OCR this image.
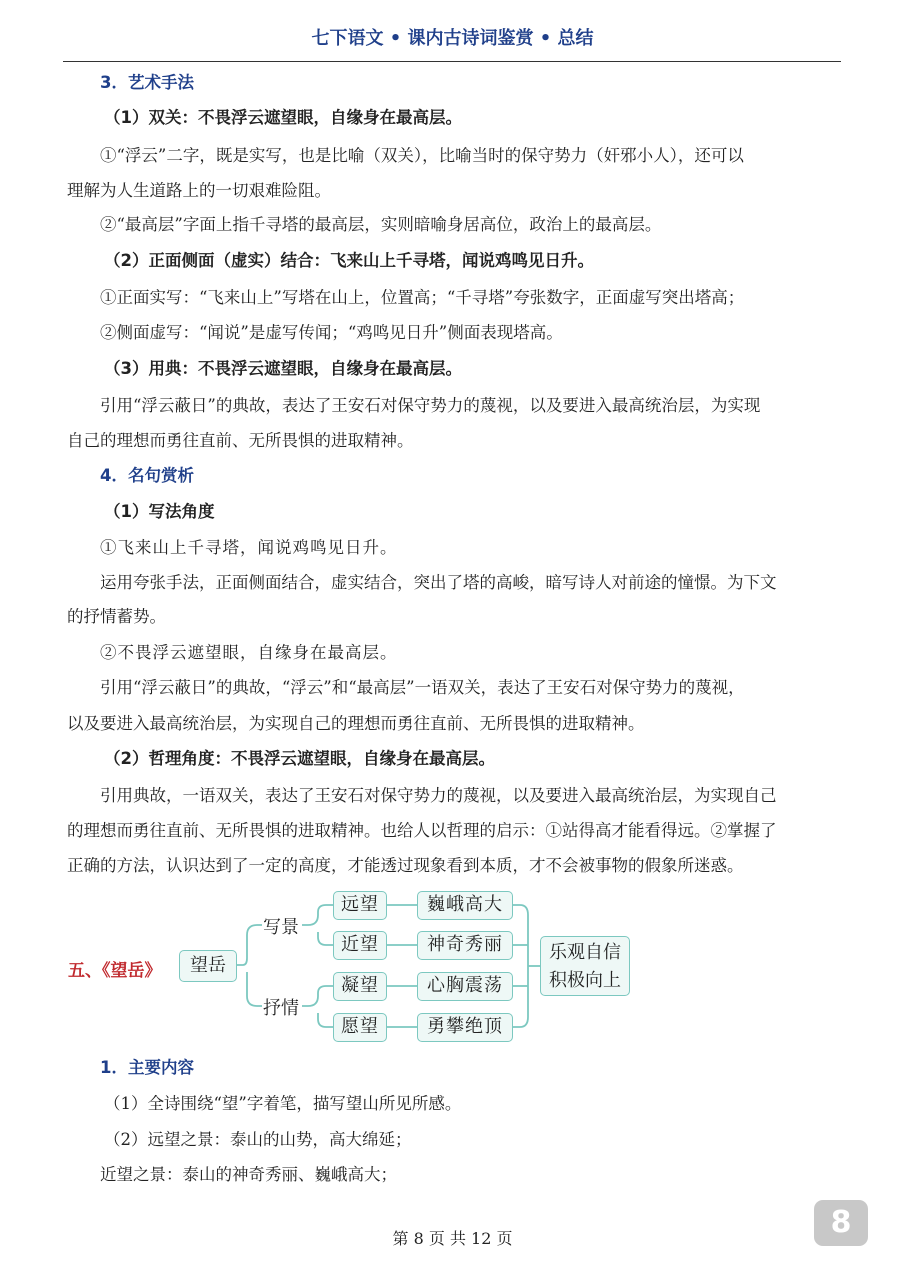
七下语文 • 课内古诗词鉴赏 • 总结
3．艺术手法
（1）双关：不畏浮云遮望眼，自缘身在最高层。
①“浮云”二字，既是实写，也是比喻（双关），比喻当时的保守势力（奸邪小人），还可以
理解为人生道路上的一切艰难险阻。
②“最高层”字面上指千寻塔的最高层，实则暗喻身居高位，政治上的最高层。
（2）正面侧面（虚实）结合：飞来山上千寻塔，闻说鸡鸣见日升。
①正面实写：“飞来山上”写塔在山上，位置高；“千寻塔”夸张数字，正面虚写突出塔高；
②侧面虚写：“闻说”是虚写传闻；“鸡鸣见日升”侧面表现塔高。
（3）用典：不畏浮云遮望眼，自缘身在最高层。
引用“浮云蔽日”的典故，表达了王安石对保守势力的蔑视，以及要进入最高统治层，为实现
自己的理想而勇往直前、无所畏惧的进取精神。
4．名句赏析
（1）写法角度
①飞来山上千寻塔，闻说鸡鸣见日升。
运用夸张手法，正面侧面结合，虚实结合，突出了塔的高峻，暗写诗人对前途的憧憬。为下文
的抒情蓄势。
②不畏浮云遮望眼，自缘身在最高层。
引用“浮云蔽日”的典故，“浮云”和“最高层”一语双关，表达了王安石对保守势力的蔑视，
以及要进入最高统治层，为实现自己的理想而勇往直前、无所畏惧的进取精神。
（2）哲理角度：不畏浮云遮望眼，自缘身在最高层。
引用典故，一语双关，表达了王安石对保守势力的蔑视，以及要进入最高统治层，为实现自己
的理想而勇往直前、无所畏惧的进取精神。也给人以哲理的启示：①站得高才能看得远。②掌握了
正确的方法，认识达到了一定的高度，才能透过现象看到本质，才不会被事物的假象所迷惑。
五、《望岳》	望岳
写景
抒情
远望
近望
凝望
愿望
巍峨高大
神奇秀丽
心胸震荡
勇攀绝顶
乐观自信
积极向上
1．主要内容
（1）全诗围绕“望”字着笔，描写望山所见所感。
（2）远望之景：泰山的山势，高大绵延；
近望之景：泰山的神奇秀丽、巍峨高大；
第 8 页 共 12 页	8
